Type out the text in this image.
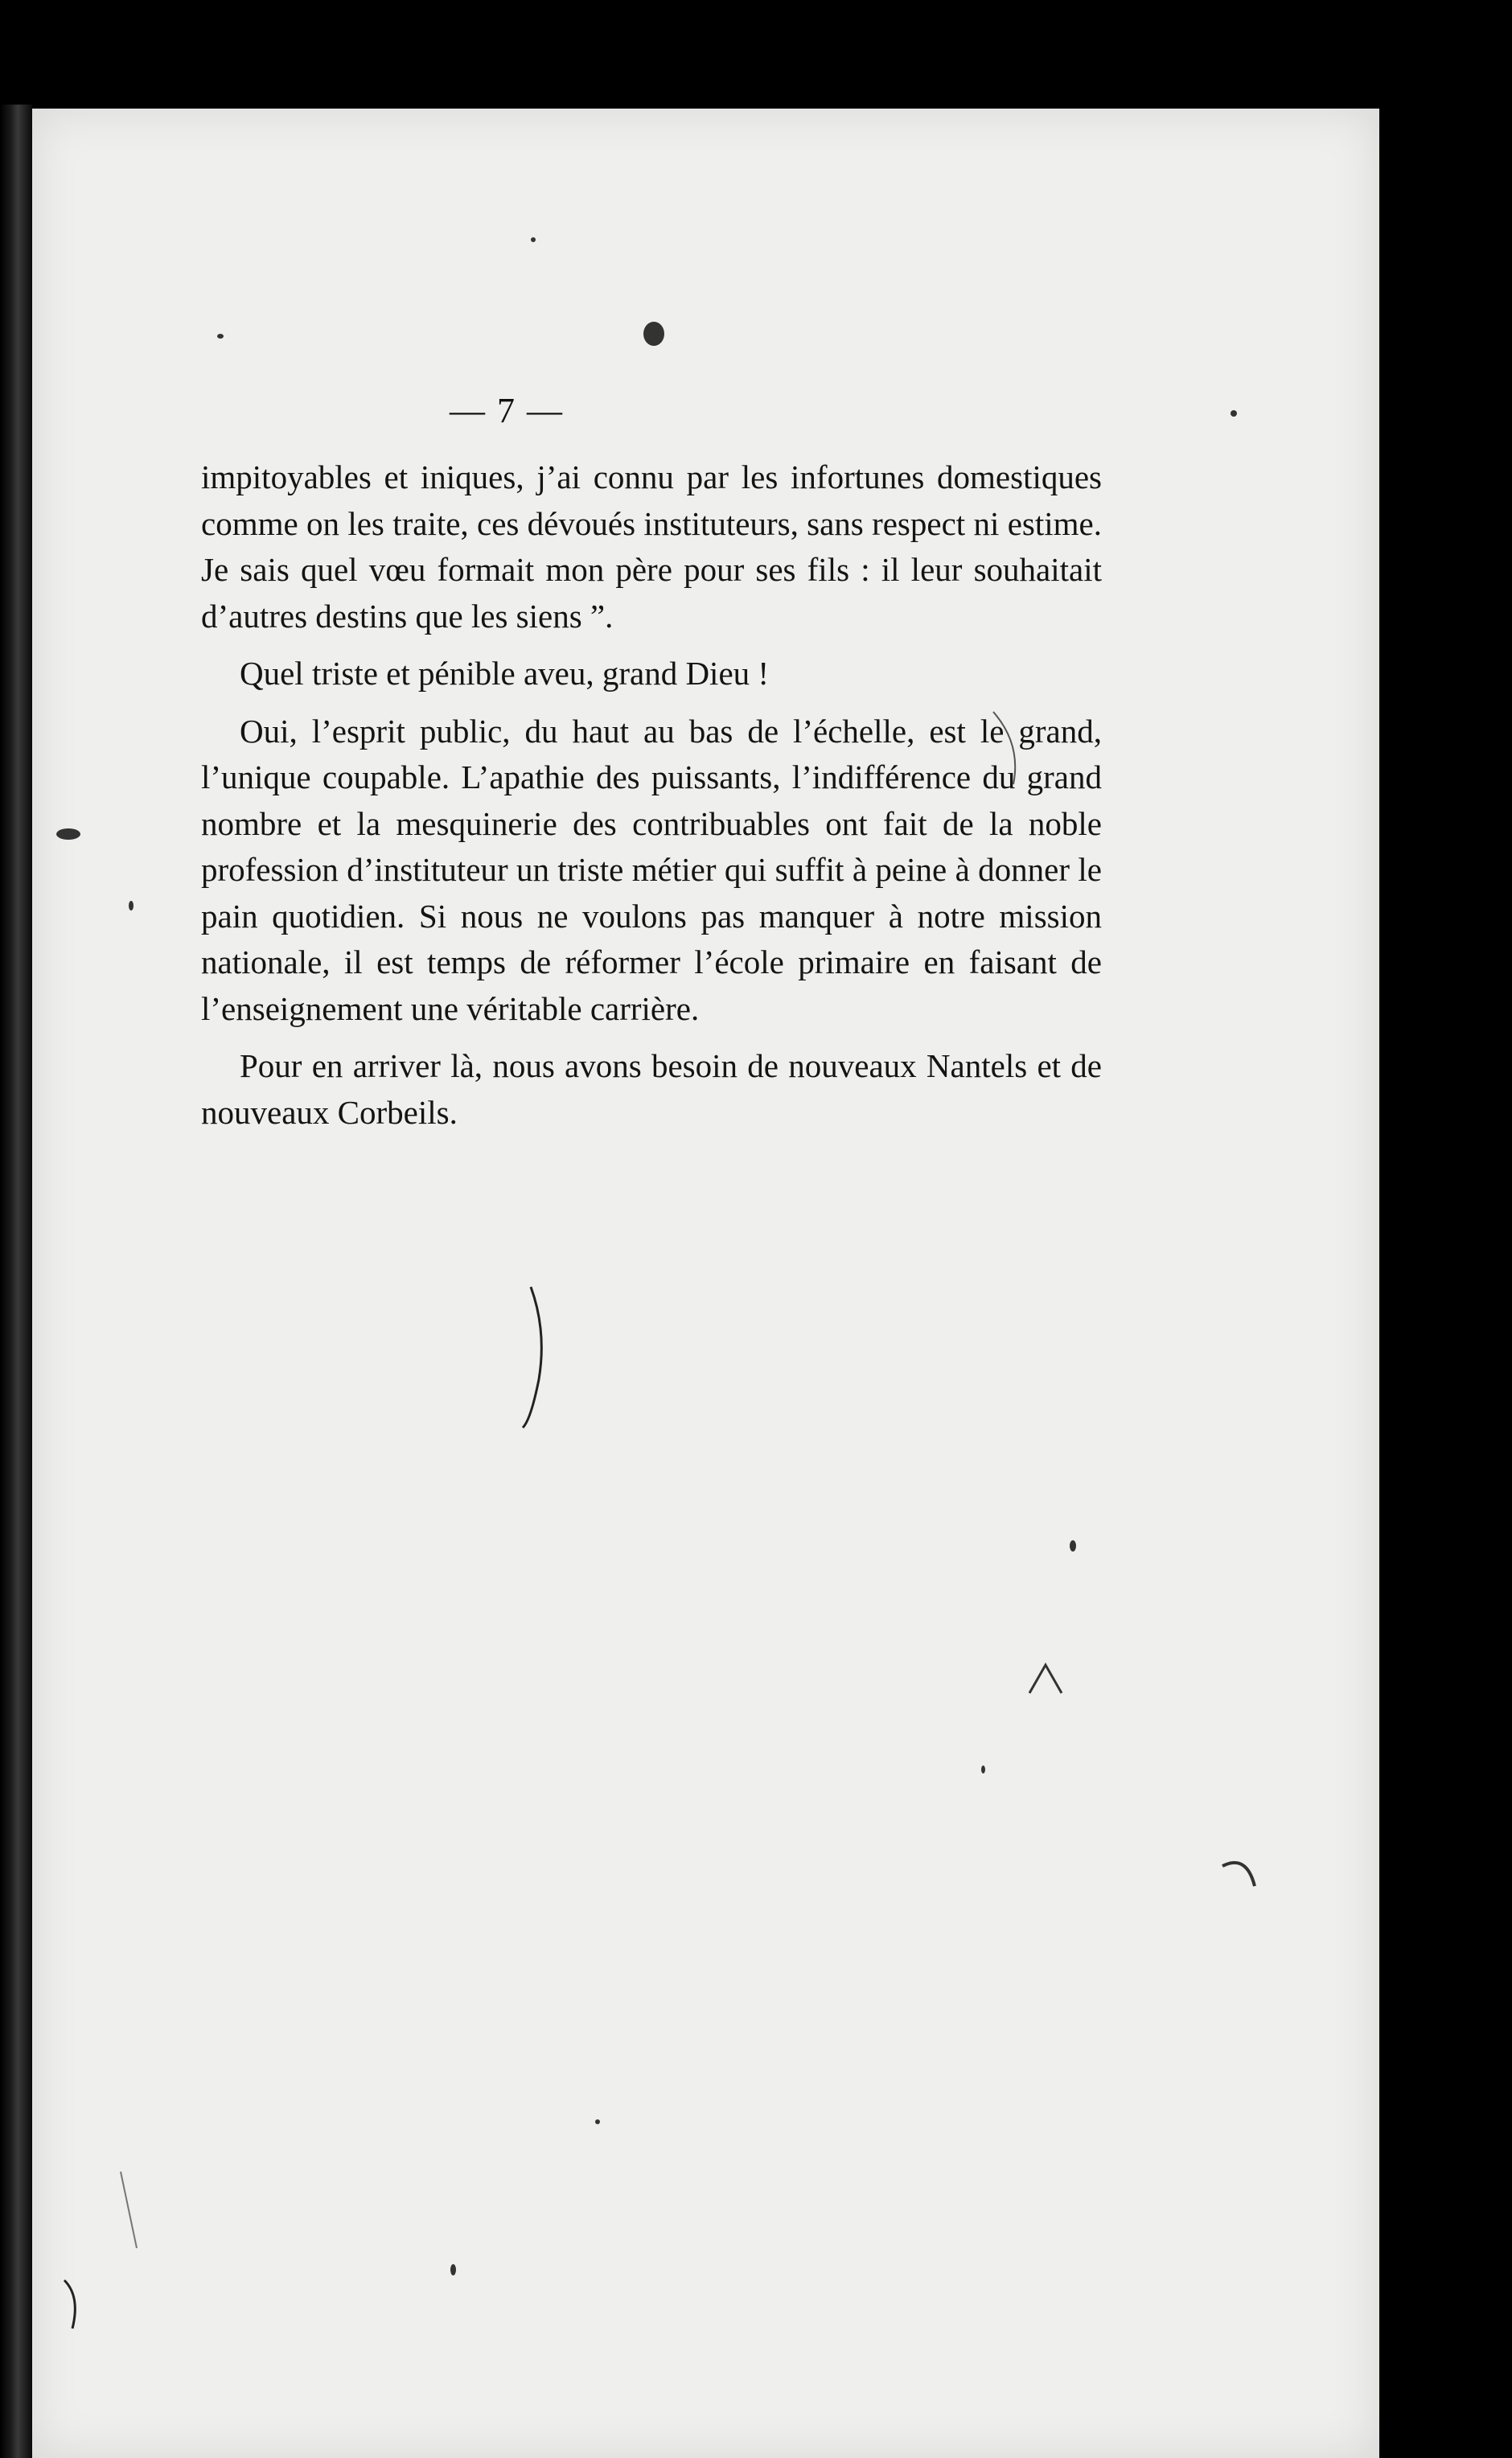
— 7 —

impitoyables et iniques, j’ai connu par les infortunes domestiques comme on les traite, ces dévoués instituteurs, sans respect ni estime. Je sais quel vœu formait mon père pour ses fils : il leur souhaitait d’autres destins que les siens ”.

Quel triste et pénible aveu, grand Dieu !

Oui, l’esprit public, du haut au bas de l’échelle, est le grand, l’unique coupable. L’apathie des puissants, l’indifférence du grand nombre et la mesquinerie des contribuables ont fait de la noble profession d’instituteur un triste métier qui suffit à peine à donner le pain quotidien. Si nous ne voulons pas manquer à notre mission nationale, il est temps de réformer l’école primaire en faisant de l’enseignement une véritable carrière.

Pour en arriver là, nous avons besoin de nouveaux Nantels et de nouveaux Corbeils.
